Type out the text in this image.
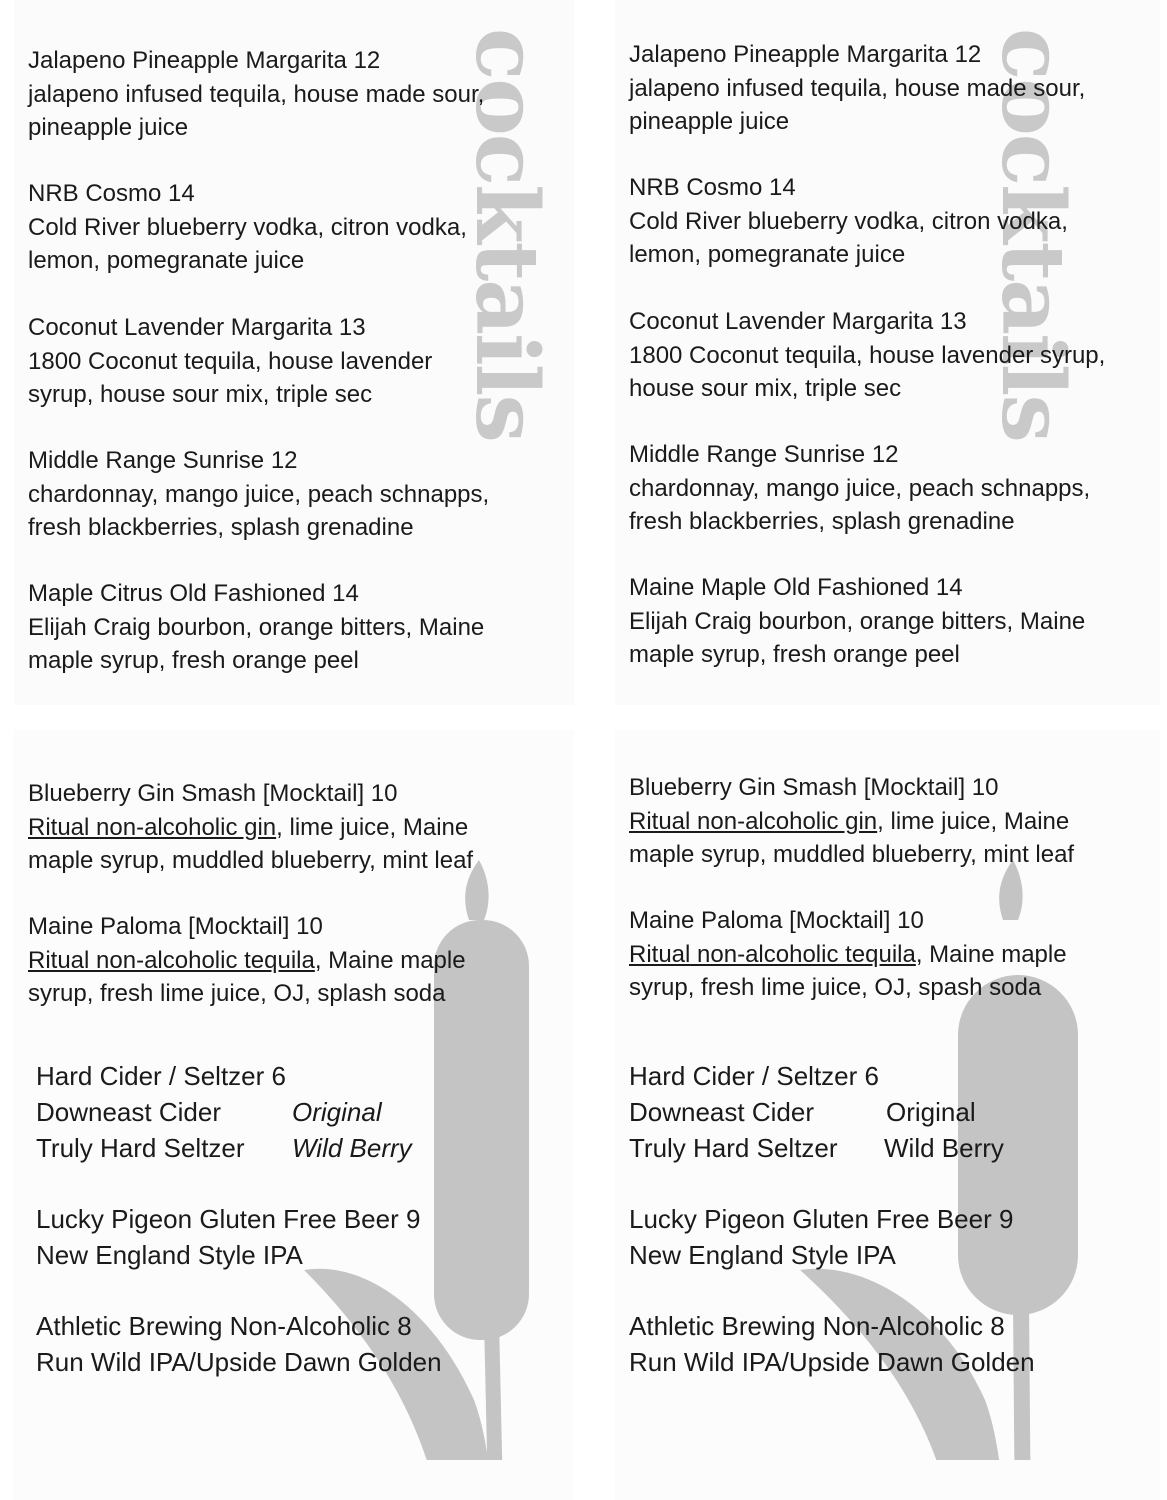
cocktails
Jalapeno Pineapple Margarita 12
jalapeno infused tequila, house made sour,
pineapple juice
NRB Cosmo 14
Cold River blueberry vodka, citron vodka,
lemon, pomegranate juice
Coconut Lavender Margarita 13
1800 Coconut tequila, house lavender
syrup, house sour mix, triple sec
Middle Range Sunrise 12
chardonnay, mango juice, peach schnapps,
fresh blackberries, splash grenadine
Maple Citrus Old Fashioned 14
Elijah Craig bourbon, orange bitters, Maine
maple syrup, fresh orange peel
cocktails
Jalapeno Pineapple Margarita 12
jalapeno infused tequila, house made sour,
pineapple juice
NRB Cosmo 14
Cold River blueberry vodka, citron vodka,
lemon, pomegranate juice
Coconut Lavender Margarita 13
1800 Coconut tequila, house lavender syrup,
house sour mix, triple sec
Middle Range Sunrise 12
chardonnay, mango juice, peach schnapps,
fresh blackberries, splash grenadine
Maine Maple Old Fashioned 14
Elijah Craig bourbon, orange bitters, Maine
maple syrup, fresh orange peel
Blueberry Gin Smash [Mocktail] 10
Ritual non-alcoholic gin, lime juice, Maine
maple syrup, muddled blueberry, mint leaf
Maine Paloma [Mocktail] 10
Ritual non-alcoholic tequila, Maine maple
syrup, fresh lime juice, OJ, splash soda
Hard Cider / Seltzer 6
Downeast Cider	Original
Truly Hard Seltzer Wild Berry
Lucky Pigeon Gluten Free Beer 9
New England Style IPA
Athletic Brewing Non-Alcoholic 8
Run Wild IPA/Upside Dawn Golden
Blueberry Gin Smash [Mocktail] 10
Ritual non-alcoholic gin, lime juice, Maine
maple syrup, muddled blueberry, mint leaf
Maine Paloma [Mocktail] 10
Ritual non-alcoholic tequila, Maine maple
syrup, fresh lime juice, OJ, spash soda
Hard Cider / Seltzer 6
Downeast Cider	Original
Truly Hard Seltzer Wild Berry
Lucky Pigeon Gluten Free Beer 9
New England Style IPA
Athletic Brewing Non-Alcoholic 8
Run Wild IPA/Upside Dawn Golden
